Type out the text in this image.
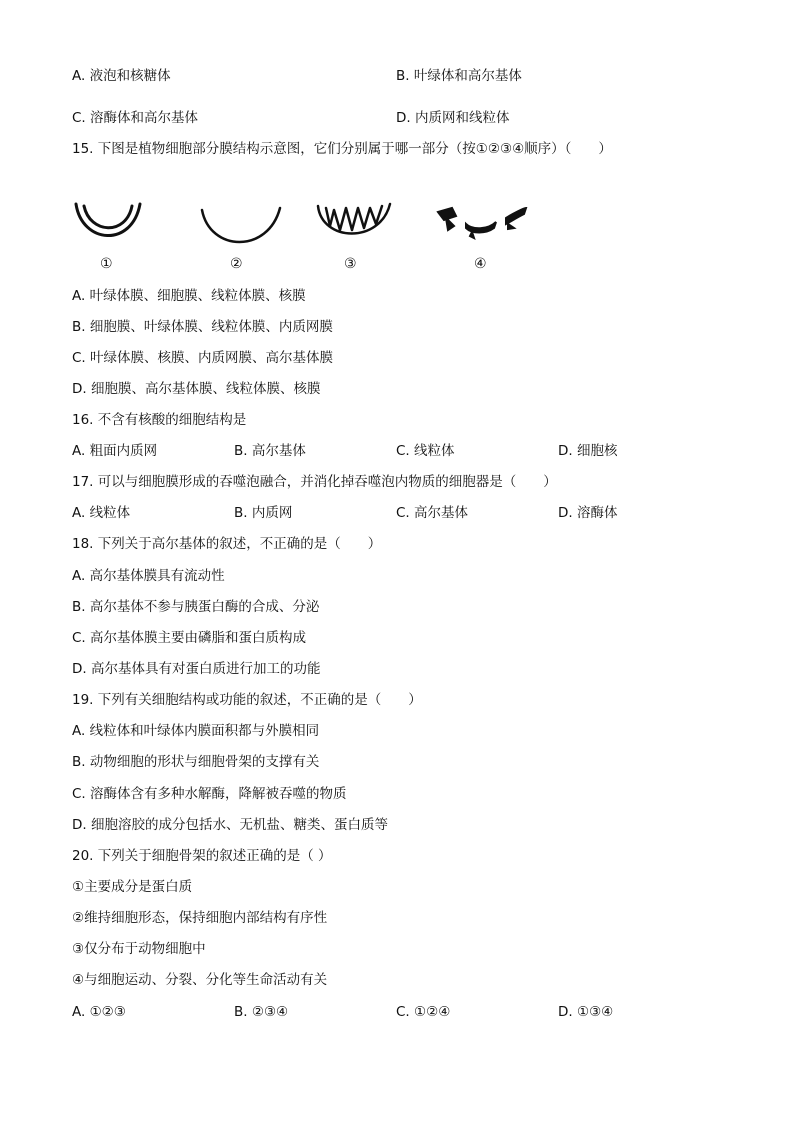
A. 液泡和核糖体	B. 叶绿体和高尔基体
C. 溶酶体和高尔基体	D. 内质网和线粒体
15. 下图是植物细胞部分膜结构示意图，它们分别属于哪一部分（按①②③④顺序）（　　）
①	②	③	④
A. 叶绿体膜、细胞膜、线粒体膜、核膜
B. 细胞膜、叶绿体膜、线粒体膜、内质网膜
C. 叶绿体膜、核膜、内质网膜、高尔基体膜
D. 细胞膜、高尔基体膜、线粒体膜、核膜
16. 不含有核酸的细胞结构是
A. 粗面内质网	B. 高尔基体	C. 线粒体	D. 细胞核
17. 可以与细胞膜形成的吞噬泡融合，并消化掉吞噬泡内物质的细胞器是（　　）
A. 线粒体	B. 内质网	C. 高尔基体	D. 溶酶体
18. 下列关于高尔基体的叙述，不正确的是（　　）
A. 高尔基体膜具有流动性
B. 高尔基体不参与胰蛋白酶的合成、分泌
C. 高尔基体膜主要由磷脂和蛋白质构成
D. 高尔基体具有对蛋白质进行加工的功能
19. 下列有关细胞结构或功能的叙述，不正确的是（　　）
A. 线粒体和叶绿体内膜面积都与外膜相同
B. 动物细胞的形状与细胞骨架的支撑有关
C. 溶酶体含有多种水解酶，降解被吞噬的物质
D. 细胞溶胶的成分包括水、无机盐、糖类、蛋白质等
20. 下列关于细胞骨架的叙述正确的是（ ）
①主要成分是蛋白质
②维持细胞形态，保持细胞内部结构有序性
③仅分布于动物细胞中
④与细胞运动、分裂、分化等生命活动有关
A. ①②③	B. ②③④	C. ①②④	D. ①③④
